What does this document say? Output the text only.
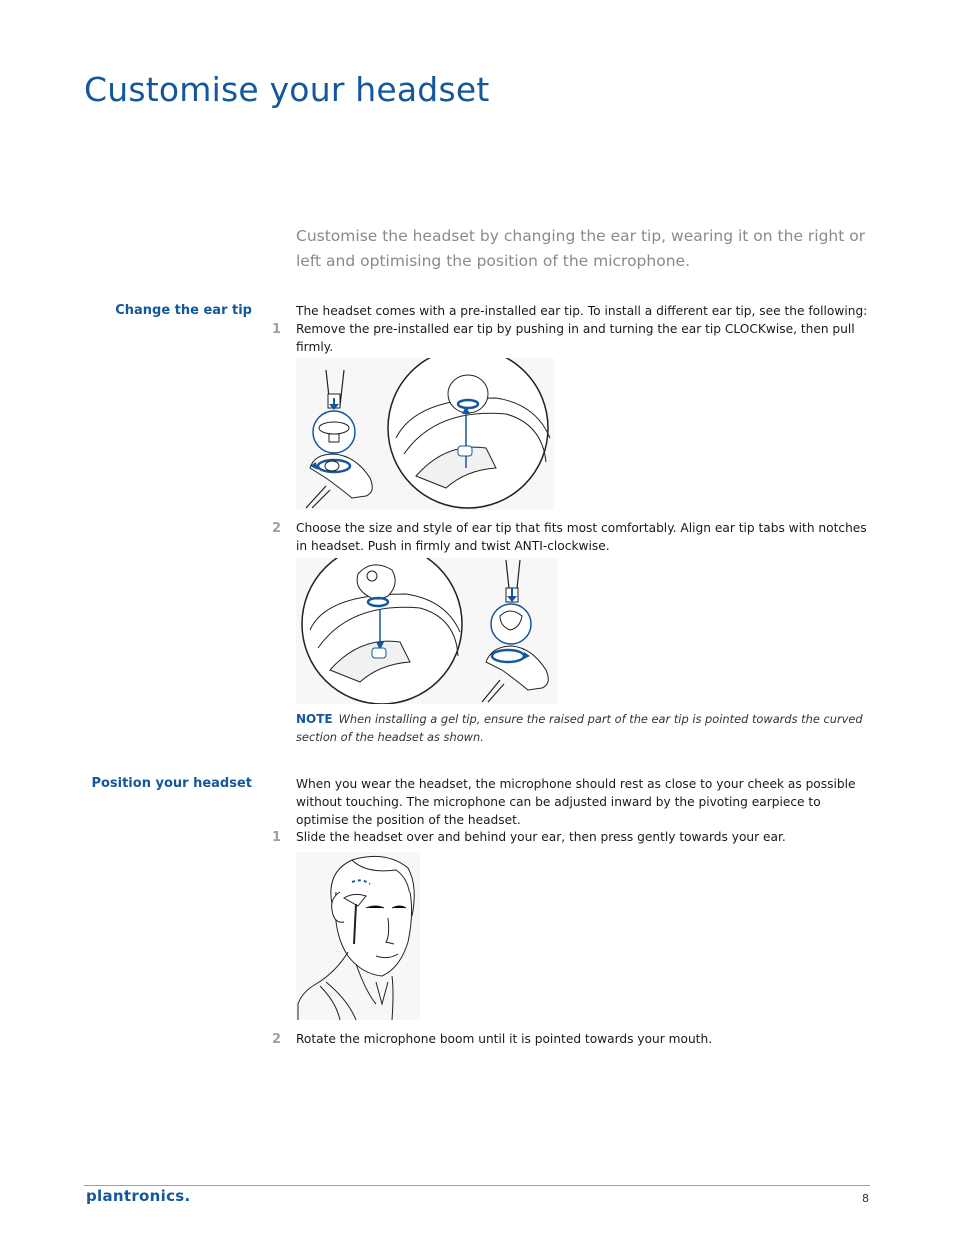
Customise your headset
Customise the headset by changing the ear tip, wearing it on the right or left and optimising the position of the microphone.
Change the ear tip	The headset comes with a pre-installed ear tip. To install a different ear tip, see the following:
1 Remove the pre-installed ear tip by pushing in and turning the ear tip CLOCKwise, then pull firmly.
2 Choose the size and style of ear tip that fits most comfortably. Align ear tip tabs with notches in headset. Push in firmly and twist ANTI-clockwise.
NOTE When installing a gel tip, ensure the raised part of the ear tip is pointed towards the curved section of the headset as shown.
Position your headset	When you wear the headset, the microphone should rest as close to your cheek as possible without touching. The microphone can be adjusted inward by the pivoting earpiece to optimise the position of the headset.
1 Slide the headset over and behind your ear, then press gently towards your ear.
2 Rotate the microphone boom until it is pointed towards your mouth.
plantronics.	8
